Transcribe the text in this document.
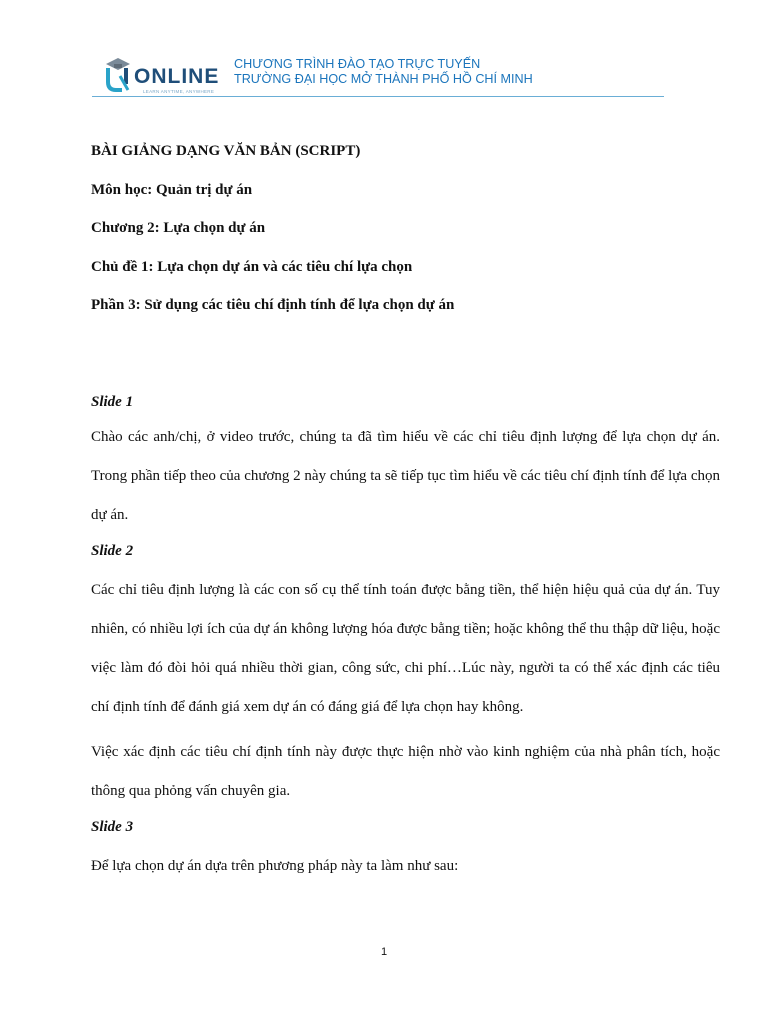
ONLINE
LEARN ANYTIME, ANYWHERE
CHƯƠNG TRÌNH ĐÀO TẠO TRỰC TUYẾN
TRƯỜNG ĐẠI HỌC MỞ THÀNH PHỐ HỒ CHÍ MINH
BÀI GIẢNG DẠNG VĂN BẢN (SCRIPT)
Môn học: Quản trị dự án
Chương 2: Lựa chọn dự án
Chủ đề 1: Lựa chọn dự án và các tiêu chí lựa chọn
Phần 3: Sử dụng các tiêu chí định tính để lựa chọn dự án
Slide 1

Chào các anh/chị, ở video trước, chúng ta đã tìm hiểu về các chỉ tiêu định lượng để lựa chọn dự án. Trong phần tiếp theo của chương 2 này chúng ta sẽ tiếp tục tìm hiểu về các tiêu chí định tính để lựa chọn dự án.

Slide 2

Các chỉ tiêu định lượng là các con số cụ thể tính toán được bằng tiền, thể hiện hiệu quả của dự án. Tuy nhiên, có nhiều lợi ích của dự án không lượng hóa được bằng tiền; hoặc không thể thu thập dữ liệu, hoặc việc làm đó đòi hỏi quá nhiều thời gian, công sức, chi phí…Lúc này, người ta có thể xác định các tiêu chí định tính để đánh giá xem dự án có đáng giá để lựa chọn hay không.

Việc xác định các tiêu chí định tính này được thực hiện nhờ vào kinh nghiệm của nhà phân tích, hoặc thông qua phỏng vấn chuyên gia.

Slide 3

Để lựa chọn dự án dựa trên phương pháp này ta làm như sau:

1
